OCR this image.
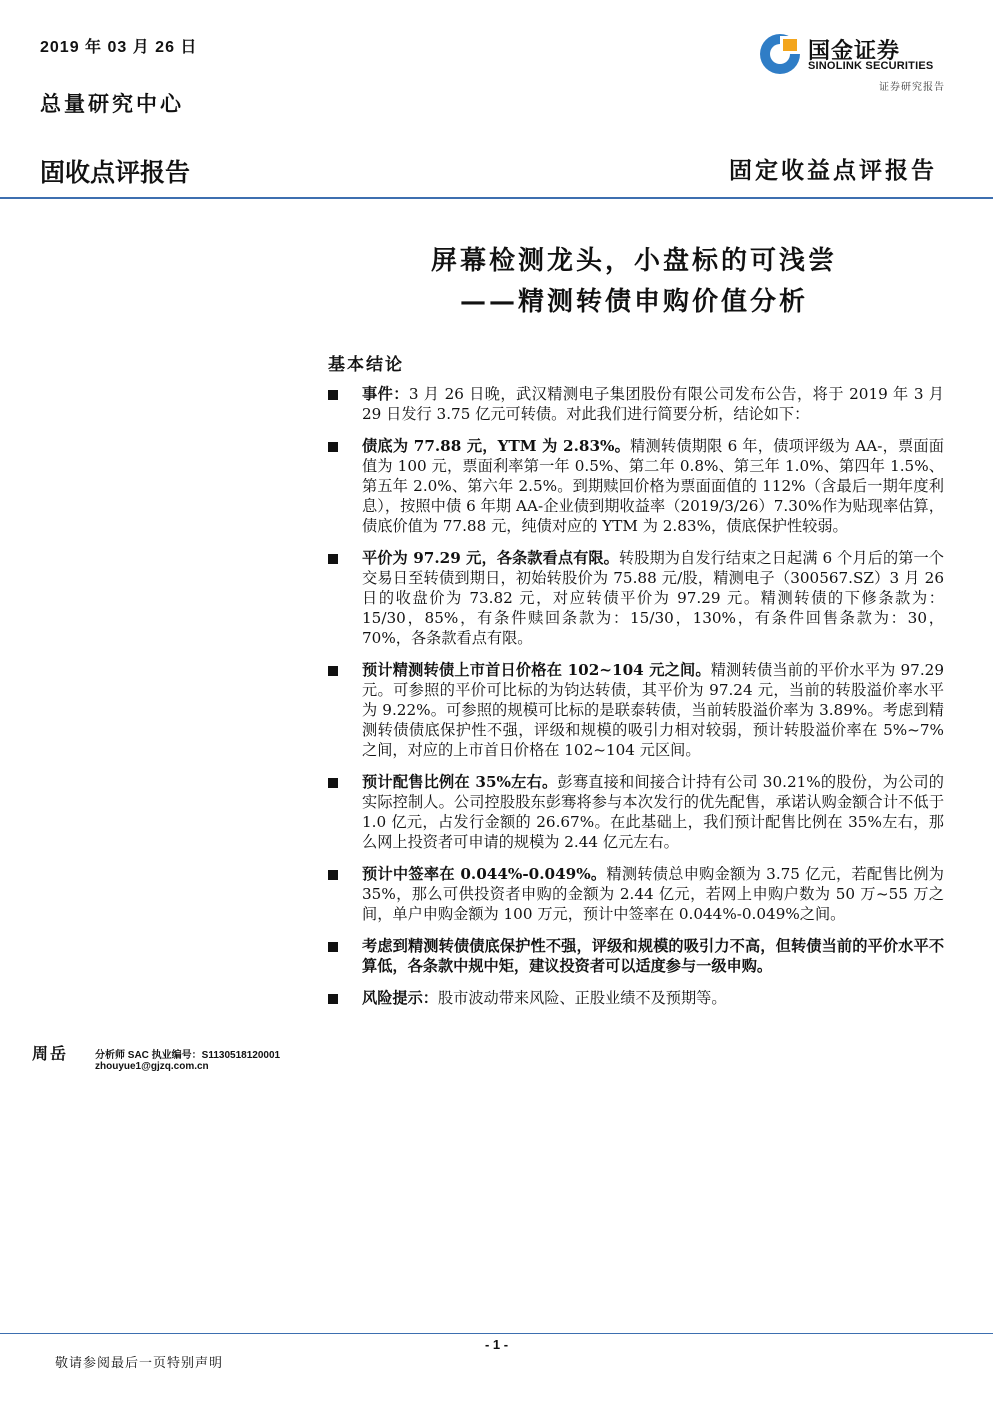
2019 年 03 月 26 日
总量研究中心
国金证券
SINOLINK SECURITIES
证券研究报告
固收点评报告	固定收益点评报告
屏幕检测龙头，小盘标的可浅尝
——精测转债申购价值分析
基本结论
事件：3 月 26 日晚，武汉精测电子集团股份有限公司发布公告，将于 2019 年 3 月 29 日发行 3.75 亿元可转债。对此我们进行简要分析，结论如下：
债底为 77.88 元，YTM 为 2.83%。精测转债期限 6 年，债项评级为 AA-，票面面值为 100 元，票面利率第一年 0.5%、第二年 0.8%、第三年 1.0%、第四年 1.5%、第五年 2.0%、第六年 2.5%。到期赎回价格为票面面值的 112%（含最后一期年度利息），按照中债 6 年期 AA-企业债到期收益率（2019/3/26）7.30%作为贴现率估算，债底价值为 77.88 元，纯债对应的 YTM 为 2.83%，债底保护性较弱。
平价为 97.29 元，各条款看点有限。转股期为自发行结束之日起满 6 个月后的第一个交易日至转债到期日，初始转股价为 75.88 元/股，精测电子（300567.SZ）3 月 26 日的收盘价为 73.82 元，对应转债平价为 97.29 元。精测转债的下修条款为：15/30，85%，有条件赎回条款为：15/30，130%，有条件回售条款为：30，70%，各条款看点有限。
预计精测转债上市首日价格在 102~104 元之间。精测转债当前的平价水平为 97.29 元。可参照的平价可比标的为钧达转债，其平价为 97.24 元，当前的转股溢价率水平为 9.22%。可参照的规模可比标的是联泰转债，当前转股溢价率为 3.89%。考虑到精测转债债底保护性不强，评级和规模的吸引力相对较弱，预计转股溢价率在 5%~7%之间，对应的上市首日价格在 102~104 元区间。
预计配售比例在 35%左右。彭骞直接和间接合计持有公司 30.21%的股份，为公司的实际控制人。公司控股股东彭骞将参与本次发行的优先配售，承诺认购金额合计不低于 1.0 亿元，占发行金额的 26.67%。在此基础上，我们预计配售比例在 35%左右，那么网上投资者可申请的规模为 2.44 亿元左右。
预计中签率在 0.044%-0.049%。精测转债总申购金额为 3.75 亿元，若配售比例为 35%，那么可供投资者申购的金额为 2.44 亿元，若网上申购户数为 50 万~55 万之间，单户申购金额为 100 万元，预计中签率在 0.044%-0.049%之间。
考虑到精测转债债底保护性不强，评级和规模的吸引力不高，但转债当前的平价水平不算低，各条款中规中矩，建议投资者可以适度参与一级申购。
风险提示：股市波动带来风险、正股业绩不及预期等。
周岳	分析师 SAC 执业编号：S1130518120001
zhouyue1@gjzq.com.cn
- 1 -
敬请参阅最后一页特别声明
